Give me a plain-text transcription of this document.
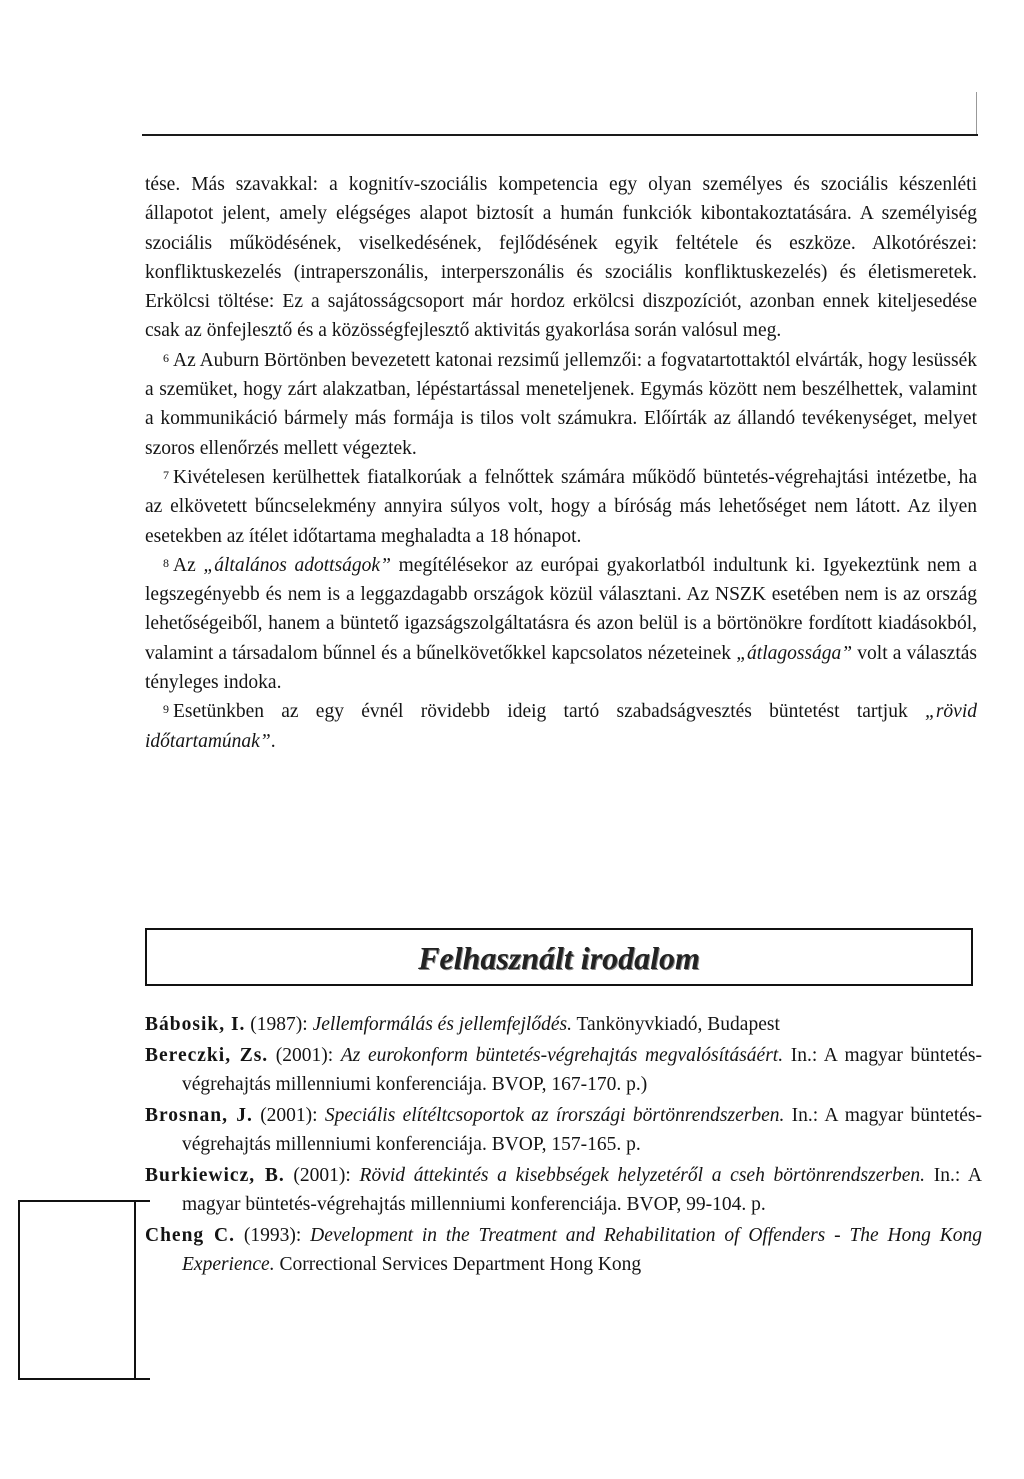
tése. Más szavakkal: a kognitív-szociális kompetencia egy olyan személyes és szociális készenléti állapotot jelent, amely elégséges alapot biztosít a humán funkciók kibontakoztatására. A személyiség szociális működésének, viselkedésének, fejlődésének egyik feltétele és eszköze. Alkotórészei: konfliktuskezelés (intraperszonális, interperszonális és szociális konfliktuskezelés) és életismeretek. Erkölcsi töltése: Ez a sajátosságcsoport már hordoz erkölcsi diszpozíciót, azonban ennek kiteljesedése csak az önfejlesztő és a közösségfejlesztő aktivitás gyakorlása során valósul meg.

$^6$ Az Auburn Börtönben bevezetett katonai rezsimű jellemzői: a fogvatartottaktól elvárták, hogy lesüssék a szemüket, hogy zárt alakzatban, lépéstartással meneteljenek. Egymás között nem beszélhettek, valamint a kommunikáció bármely más formája is tilos volt számukra. Előírták az állandó tevékenységet, melyet szoros ellenőrzés mellett végeztek.

$^7$ Kivételesen kerülhettek fiatalkorúak a felnőttek számára működő büntetés-végrehajtási intézetbe, ha az elkövetett bűncselekmény annyira súlyos volt, hogy a bíróság más lehetőséget nem látott. Az ilyen esetekben az ítélet időtartama meghaladta a 18 hónapot.

$^8$ Az „általános adottságok” megítélésekor az európai gyakorlatból indultunk ki. Igyekeztünk nem a legszegényebb és nem is a leggazdagabb országok közül választani. Az NSZK esetében nem is az ország lehetőségeiből, hanem a büntető igazságszolgáltatásra és azon belül is a börtönökre fordított kiadásokból, valamint a társadalom bűnnel és a bűnelkövetőkkel kapcsolatos nézeteinek „átlagossága” volt a választás tényleges indoka.

$^9$ Esetünkben az egy évnél rövidebb ideig tartó szabadságvesztés büntetést tartjuk „rövid időtartamúnak”.

Felhasznált irodalom

Bábosik, I. (1987): Jellemformálás és jellemfejlődés. Tankönyvkiadó, Budapest

Bereczki, Zs. (2001): Az eurokonform büntetés-végrehajtás megvalósításáért. In.: A magyar büntetés-végrehajtás millenniumi konferenciája. BVOP, 167-170. p.)

Brosnan, J. (2001): Speciális elítéltcsoportok az írországi börtönrendszerben. In.: A magyar büntetés-végrehajtás millenniumi konferenciája. BVOP, 157-165. p.

Burkiewicz, B. (2001): Rövid áttekintés a kisebbségek helyzetéről a cseh börtönrendszerben. In.: A magyar büntetés-végrehajtás millenniumi konferenciája. BVOP, 99-104. p.

Cheng C. (1993): Development in the Treatment and Rehabilitation of Offenders - The Hong Kong Experience. Correctional Services Department Hong Kong
